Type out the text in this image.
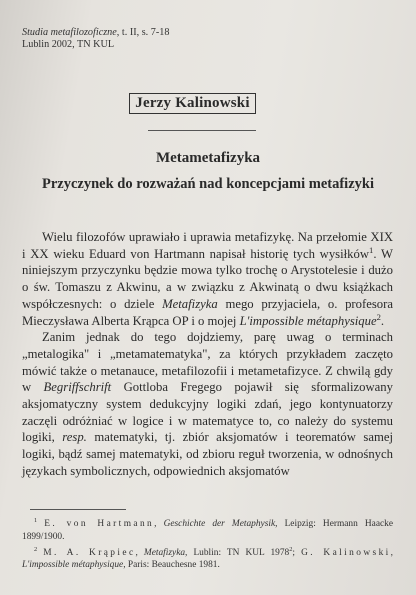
Studia metafilozoficzne, t. II, s. 7-18
Lublin 2002, TN KUL
Jerzy Kalinowski
Metametafizyka
Przyczynek do rozważań nad koncepcjami metafizyki

Wielu filozofów uprawiało i uprawia metafizykę. Na przełomie XIX i XX wieku Eduard von Hartmann napisał historię tych wysiłków$^1$. W niniejszym przyczynku będzie mowa tylko trochę o Arystotelesie i dużo o św. Tomaszu z Akwinu, a w związku z Akwinatą o dwu książkach współczesnych: o dziele Metafizyka mego przyjaciela, o. profesora Mieczysława Alberta Krąpca OP i o mojej L'impossible métaphysique$^2$.

Zanim jednak do tego dojdziemy, parę uwag o terminach „metalogika" i „metamatematyka", za których przykładem zaczęto mówić także o metanauce, metafilozofii i metametafizyce. Z chwilą gdy w Begriffschrift Gottloba Fregego pojawił się sformalizowany aksjomatyczny system dedukcyjny logiki zdań, jego kontynuatorzy zaczęli odróżniać w logice i w matematyce to, co należy do systemu logiki, resp. matematyki, tj. zbiór aksjomatów i teorematów samej logiki, bądź samej matematyki, od zbioru reguł tworzenia, w odnośnych językach symbolicznych, odpowiednich aksjomatów

$^1$ E. von Hartmann, Geschichte der Metaphysik, Leipzig: Hermann Haacke 1899/1900.

$^2$ M. A. Krąpiec, Metafizyka, Lublin: TN KUL 1978$^2$; G. Kalinowski, L'impossible métaphysique, Paris: Beauchesne 1981.
